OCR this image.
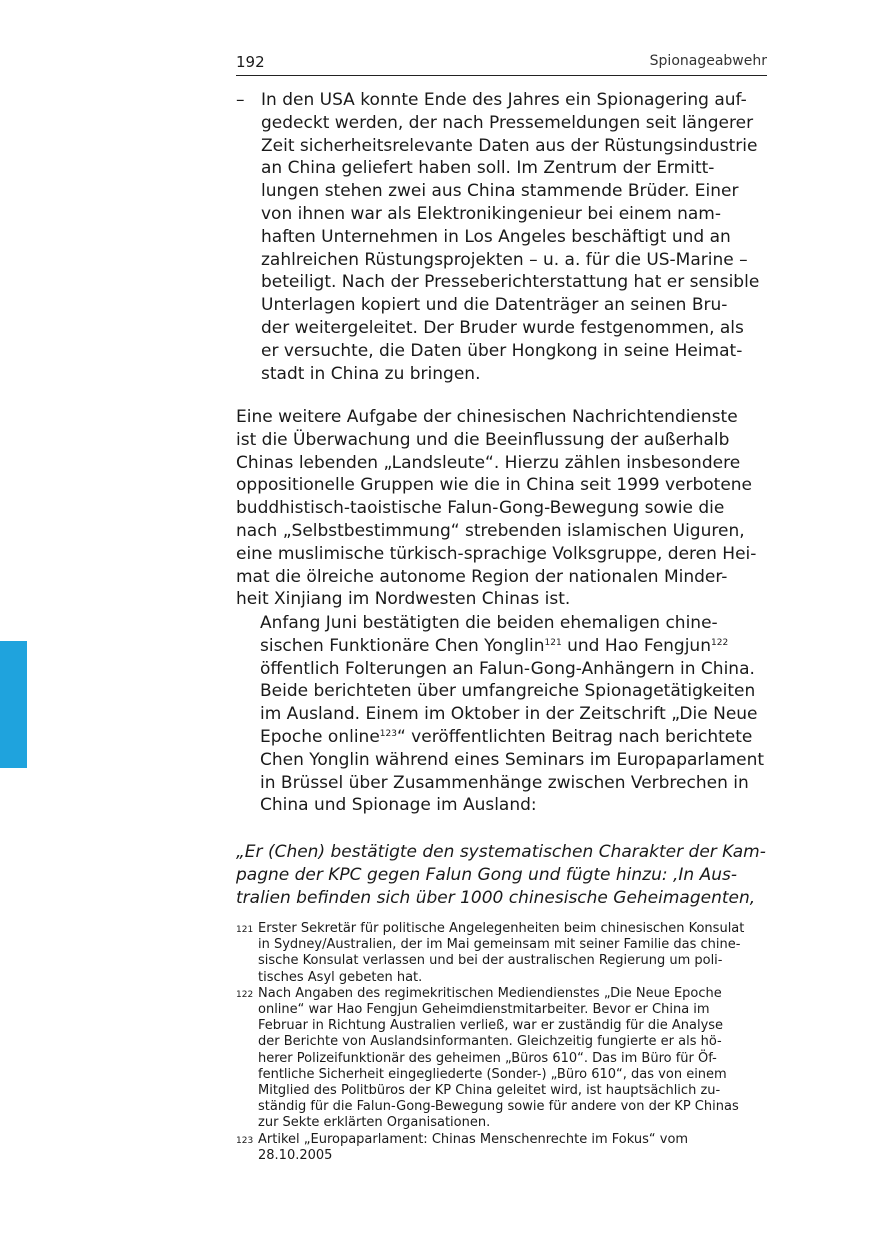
192	Spionageabwehr
– In den USA konnte Ende des Jahres ein Spionagering auf-
gedeckt werden, der nach Pressemeldungen seit längerer
Zeit sicherheitsrelevante Daten aus der Rüstungsindustrie
an China geliefert haben soll. Im Zentrum der Ermitt-
lungen stehen zwei aus China stammende Brüder. Einer
von ihnen war als Elektronikingenieur bei einem nam-
haften Unternehmen in Los Angeles beschäftigt und an
zahlreichen Rüstungsprojekten – u. a. für die US-Marine –
beteiligt. Nach der Presseberichterstattung hat er sensible
Unterlagen kopiert und die Datenträger an seinen Bru-
der weitergeleitet. Der Bruder wurde festgenommen, als
er versuchte, die Daten über Hongkong in seine Heimat-
stadt in China zu bringen.
Eine weitere Aufgabe der chinesischen Nachrichtendienste
ist die Überwachung und die Beeinflussung der außerhalb
Chinas lebenden „Landsleute“. Hierzu zählen insbesondere
oppositionelle Gruppen wie die in China seit 1999 verbotene
buddhistisch-taoistische Falun-Gong-Bewegung sowie die
nach „Selbstbestimmung“ strebenden islamischen Uiguren,
eine muslimische türkisch-sprachige Volksgruppe, deren Hei-
mat die ölreiche autonome Region der nationalen Minder-
heit Xinjiang im Nordwesten Chinas ist.
Anfang Juni bestätigten die beiden ehemaligen chine-
sischen Funktionäre Chen Yonglin$^{121}$ und Hao Fengjun$^{122}$
öffentlich Folterungen an Falun-Gong-Anhängern in China.
Beide berichteten über umfangreiche Spionagetätigkeiten
im Ausland. Einem im Oktober in der Zeitschrift „Die Neue
Epoche online$^{123}$“ veröffentlichten Beitrag nach berichtete
Chen Yonglin während eines Seminars im Europaparlament
in Brüssel über Zusammenhänge zwischen Verbrechen in
China und Spionage im Ausland:
„Er (Chen) bestätigte den systematischen Charakter der Kam-
pagne der KPC gegen Falun Gong und fügte hinzu: ‚In Aus-
tralien befinden sich über 1000 chinesische Geheimagenten,
121 Erster Sekretär für politische Angelegenheiten beim chinesischen Konsulat
in Sydney/Australien, der im Mai gemeinsam mit seiner Familie das chine-
sische Konsulat verlassen und bei der australischen Regierung um poli-
tisches Asyl gebeten hat.
122 Nach Angaben des regimekritischen Mediendienstes „Die Neue Epoche
online“ war Hao Fengjun Geheimdienstmitarbeiter. Bevor er China im
Februar in Richtung Australien verließ, war er zuständig für die Analyse
der Berichte von Auslandsinformanten. Gleichzeitig fungierte er als hö-
herer Polizeifunktionär des geheimen „Büros 610“. Das im Büro für Öf-
fentliche Sicherheit eingegliederte (Sonder-) „Büro 610“, das von einem
Mitglied des Politbüros der KP China geleitet wird, ist hauptsächlich zu-
ständig für die Falun-Gong-Bewegung sowie für andere von der KP Chinas
zur Sekte erklärten Organisationen.
123 Artikel „Europaparlament: Chinas Menschenrechte im Fokus“ vom
28.10.2005
